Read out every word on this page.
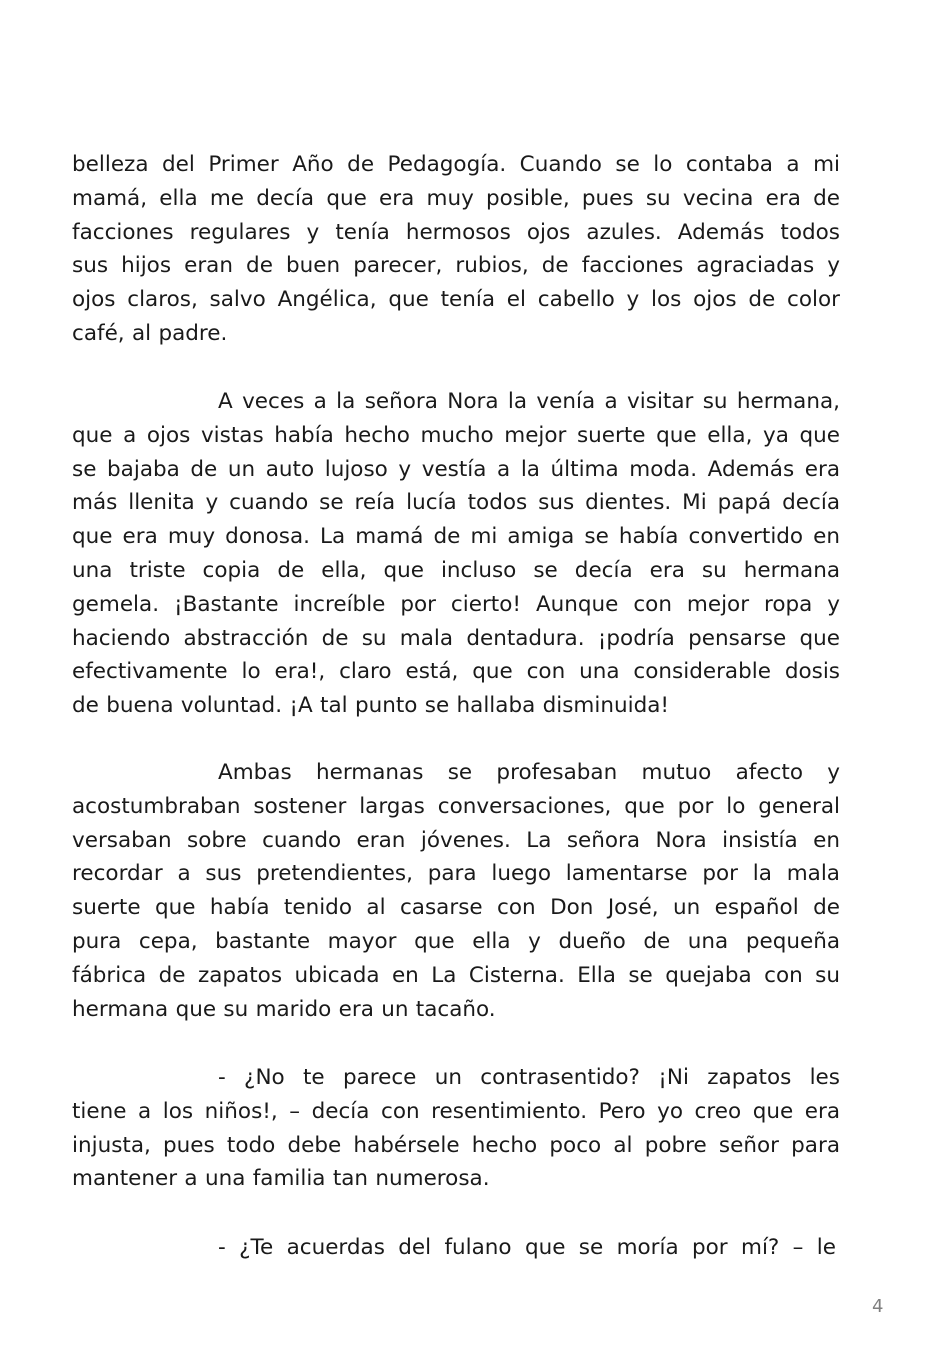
belleza del Primer Año de Pedagogía. Cuando se lo contaba a mi
mamá, ella me decía que era muy posible, pues su vecina era de
facciones regulares y tenía hermosos ojos azules. Además todos
sus hijos eran de buen parecer, rubios, de facciones agraciadas y
ojos claros, salvo Angélica, que tenía el cabello y los ojos de color
café, al padre.
A veces a la señora Nora la venía a visitar su hermana,
que a ojos vistas había hecho mucho mejor suerte que ella, ya que
se bajaba de un auto lujoso y vestía a la última moda. Además era
más llenita y cuando se reía lucía todos sus dientes. Mi papá decía
que era muy donosa. La mamá de mi amiga se había convertido en
una triste copia de ella, que incluso se decía era su hermana
gemela. ¡Bastante increíble por cierto! Aunque con mejor ropa y
haciendo abstracción de su mala dentadura. ¡podría pensarse que
efectivamente lo era!, claro está, que con una considerable dosis
de buena voluntad. ¡A tal punto se hallaba disminuida!
Ambas hermanas se profesaban mutuo afecto y
acostumbraban sostener largas conversaciones, que por lo general
versaban sobre cuando eran jóvenes. La señora Nora insistía en
recordar a sus pretendientes, para luego lamentarse por la mala
suerte que había tenido al casarse con Don José, un español de
pura cepa, bastante mayor que ella y dueño de una pequeña
fábrica de zapatos ubicada en La Cisterna. Ella se quejaba con su
hermana que su marido era un tacaño.
- ¿No te parece un contrasentido? ¡Ni zapatos les
tiene a los niños!, – decía con resentimiento. Pero yo creo que era
injusta, pues todo debe habérsele hecho poco al pobre señor para
mantener a una familia tan numerosa.
- ¿Te acuerdas del fulano que se moría por mí? – le
4
